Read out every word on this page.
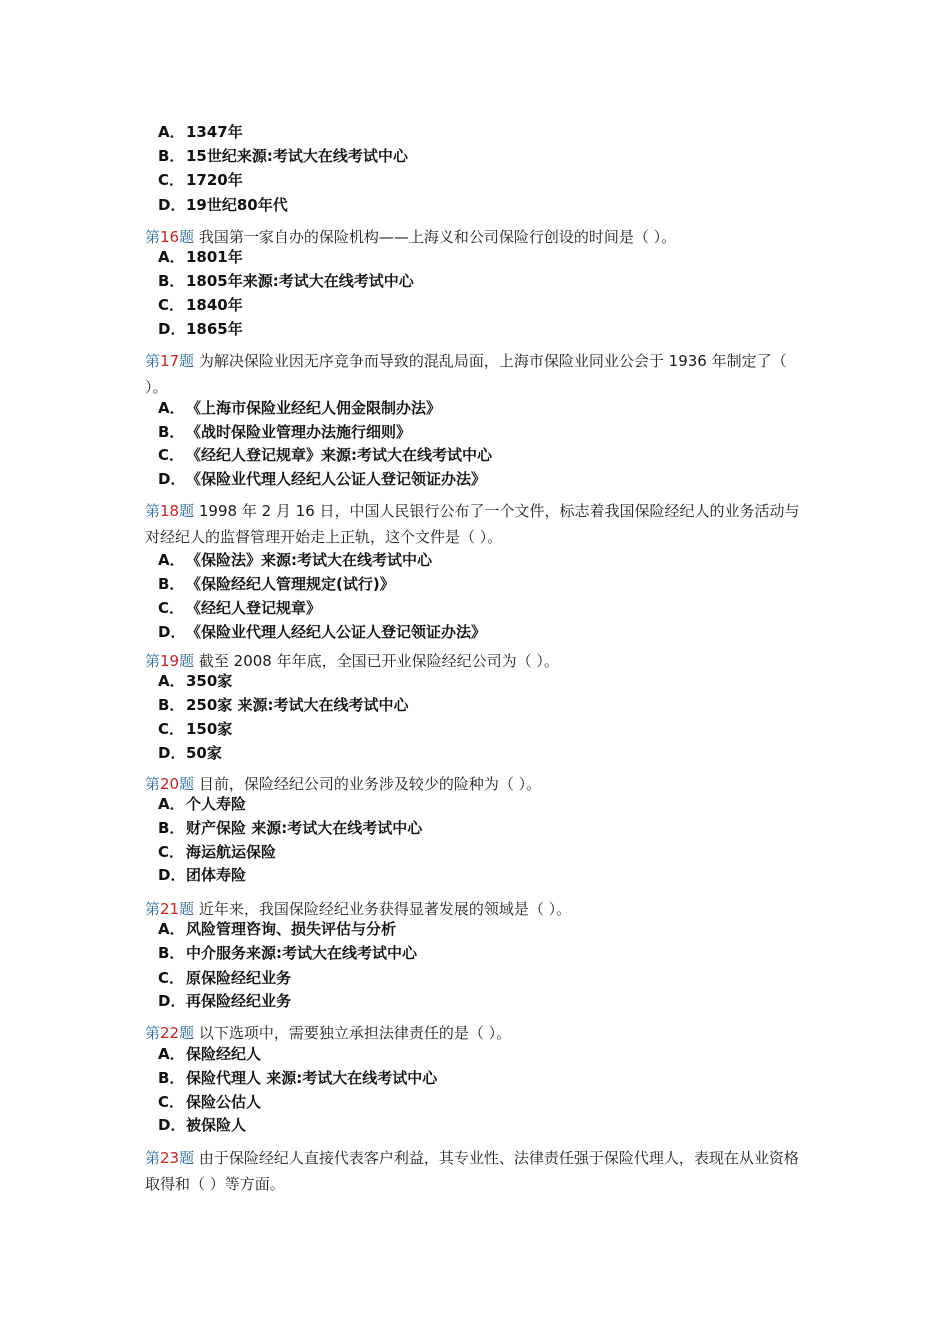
A．1347年
B． 15世纪来源:考试大在线考试中心
C． 1720年
D．19世纪80年代
第16题 我国第一家自办的保险机构——上海义和公司保险行创设的时间是（ ）。
A．1801年
B． 1805年来源:考试大在线考试中心
C． 1840年
D．1865年
第17题 为解决保险业因无序竞争而导致的混乱局面，上海市保险业同业公会于 1936 年制定了（ ）。
A．《上海市保险业经纪人佣金限制办法》
B． 《战时保险业管理办法施行细则》
C． 《经纪人登记规章》来源:考试大在线考试中心
D．《保险业代理人经纪人公证人登记领证办法》
第18题 1998 年 2 月 16 日，中国人民银行公布了一个文件，标志着我国保险经纪人的业务活动与对经纪人的监督管理开始走上正轨，这个文件是（ ）。
A．《保险法》来源:考试大在线考试中心
B． 《保险经纪人管理规定(试行)》
C． 《经纪人登记规章》
D．《保险业代理人经纪人公证人登记领证办法》
第19题 截至 2008 年年底，全国已开业保险经纪公司为（ ）。
A．350家
B． 250家 来源:考试大在线考试中心
C． 150家
D．50家
第20题 目前，保险经纪公司的业务涉及较少的险种为（ ）。
A．个人寿险
B． 财产保险 来源:考试大在线考试中心
C． 海运航运保险
D．团体寿险
第21题 近年来，我国保险经纪业务获得显著发展的领域是（ ）。
A．风险管理咨询、损失评估与分析
B． 中介服务来源:考试大在线考试中心
C． 原保险经纪业务
D．再保险经纪业务
第22题 以下选项中，需要独立承担法律责任的是（ ）。
A．保险经纪人
B． 保险代理人 来源:考试大在线考试中心
C． 保险公估人
D．被保险人
第23题 由于保险经纪人直接代表客户利益，其专业性、法律责任强于保险代理人，表现在从业资格取得和（ ）等方面。
